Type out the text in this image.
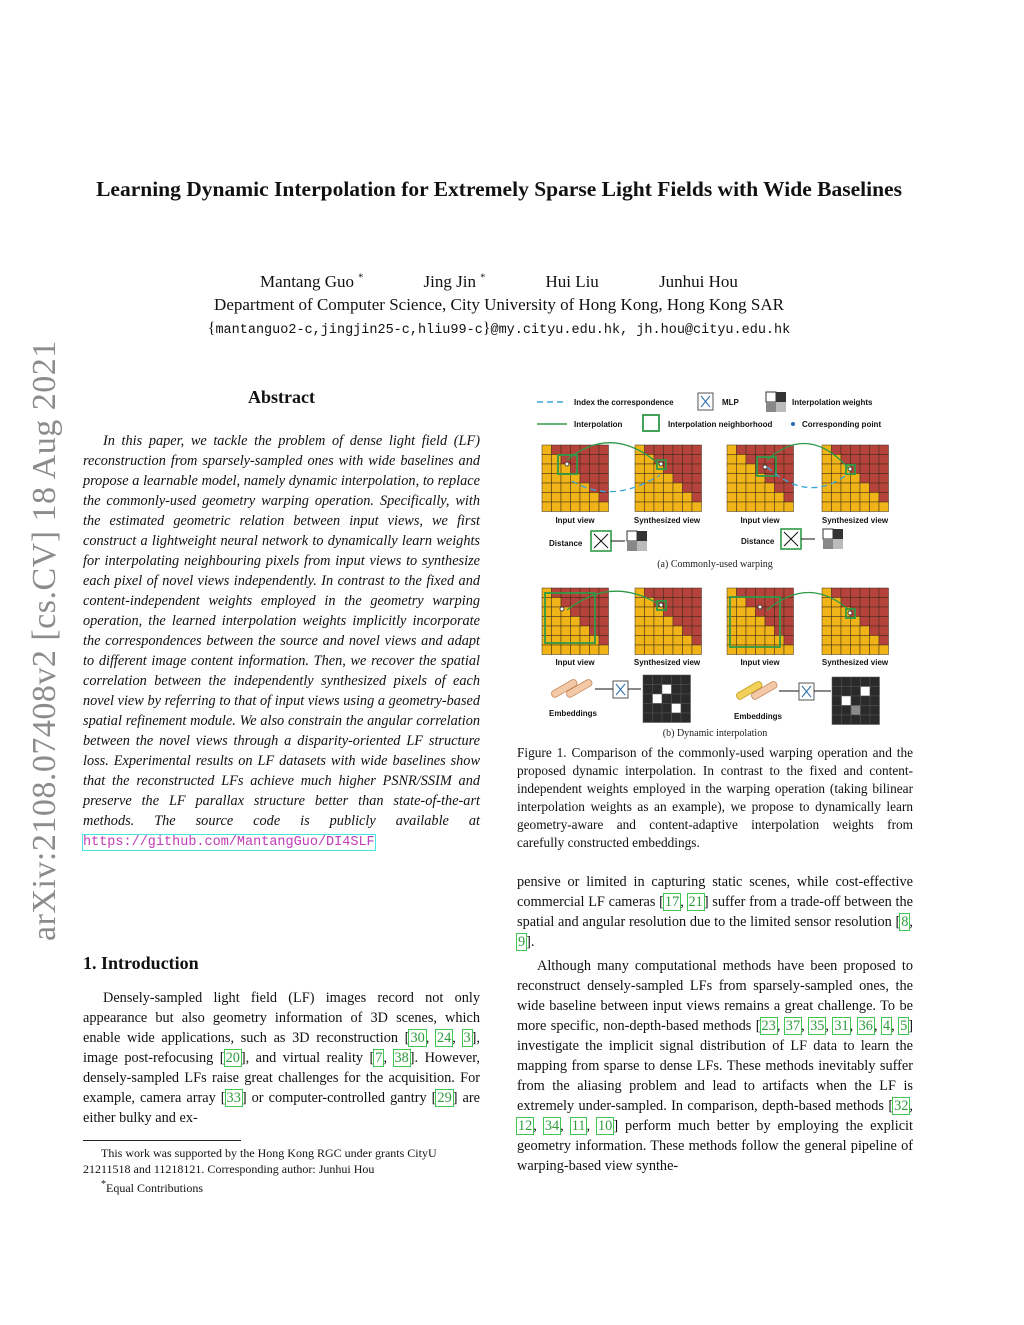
arXiv:2108.07408v2 [cs.CV] 18 Aug 2021
Learning Dynamic Interpolation for Extremely Sparse Light Fields with Wide Baselines
Mantang Guo *	Jing Jin *	Hui Liu	Junhui Hou
Department of Computer Science, City University of Hong Kong, Hong Kong SAR
{mantanguo2-c,jingjin25-c,hliu99-c}@my.cityu.edu.hk, jh.hou@cityu.edu.hk
Abstract

In this paper, we tackle the problem of dense light field (LF) reconstruction from sparsely-sampled ones with wide baselines and propose a learnable model, namely dynamic interpolation, to replace the commonly-used geometry warping operation. Specifically, with the estimated geometric relation between input views, we first construct a lightweight neural network to dynamically learn weights for interpolating neighbouring pixels from input views to synthesize each pixel of novel views independently. In contrast to the fixed and content-independent weights employed in the geometry warping operation, the learned interpolation weights implicitly incorporate the correspondences between the source and novel views and adapt to different image content information. Then, we recover the spatial correlation between the independently synthesized pixels of each novel view by referring to that of input views using a geometry-based spatial refinement module. We also constrain the angular correlation between the novel views through a disparity-oriented LF structure loss. Experimental results on LF datasets with wide baselines show that the reconstructed LFs achieve much higher PSNR/SSIM and preserve the LF parallax structure better than state-of-the-art methods. The source code is publicly available at https://github.com/MantangGuo/DI4SLF

1. Introduction

Densely-sampled light field (LF) images record not only appearance but also geometry information of 3D scenes, which enable wide applications, such as 3D reconstruction [30, 24, 3], image post-refocusing [20], and virtual reality [7, 38]. However, densely-sampled LFs raise great challenges for the acquisition. For example, camera array [33] or computer-controlled gantry [29] are either bulky and ex-

This work was supported by the Hong Kong RGC under grants CityU 21211518 and 11218121. Corresponding author: Junhui Hou

*Equal Contributions

Index the correspondence	MLP	Interpolation weights
Interpolation	Interpolation neighborhood	Corresponding point
Input view	Synthesized view	Input view	Synthesized view
Distance	Distance
(a) Commonly-used warping
Input view	Synthesized view	Input view	Synthesized view
Embeddings	Embeddings
(b) Dynamic interpolation
Figure 1. Comparison of the commonly-used warping operation and the proposed dynamic interpolation. In contrast to the fixed and content-independent weights employed in the warping operation (taking bilinear interpolation weights as an example), we propose to dynamically learn geometry-aware and content-adaptive interpolation weights from carefully constructed embeddings.

pensive or limited in capturing static scenes, while cost-effective commercial LF cameras [17, 21] suffer from a trade-off between the spatial and angular resolution due to the limited sensor resolution [8, 9].

Although many computational methods have been proposed to reconstruct densely-sampled LFs from sparsely-sampled ones, the wide baseline between input views remains a great challenge. To be more specific, non-depth-based methods [23, 37, 35, 31, 36, 4, 5] investigate the implicit signal distribution of LF data to learn the mapping from sparse to dense LFs. These methods inevitably suffer from the aliasing problem and lead to artifacts when the LF is extremely under-sampled. In comparison, depth-based methods [32, 12, 34, 11, 10] perform much better by employing the explicit geometry information. These methods follow the general pipeline of warping-based view synthe-
